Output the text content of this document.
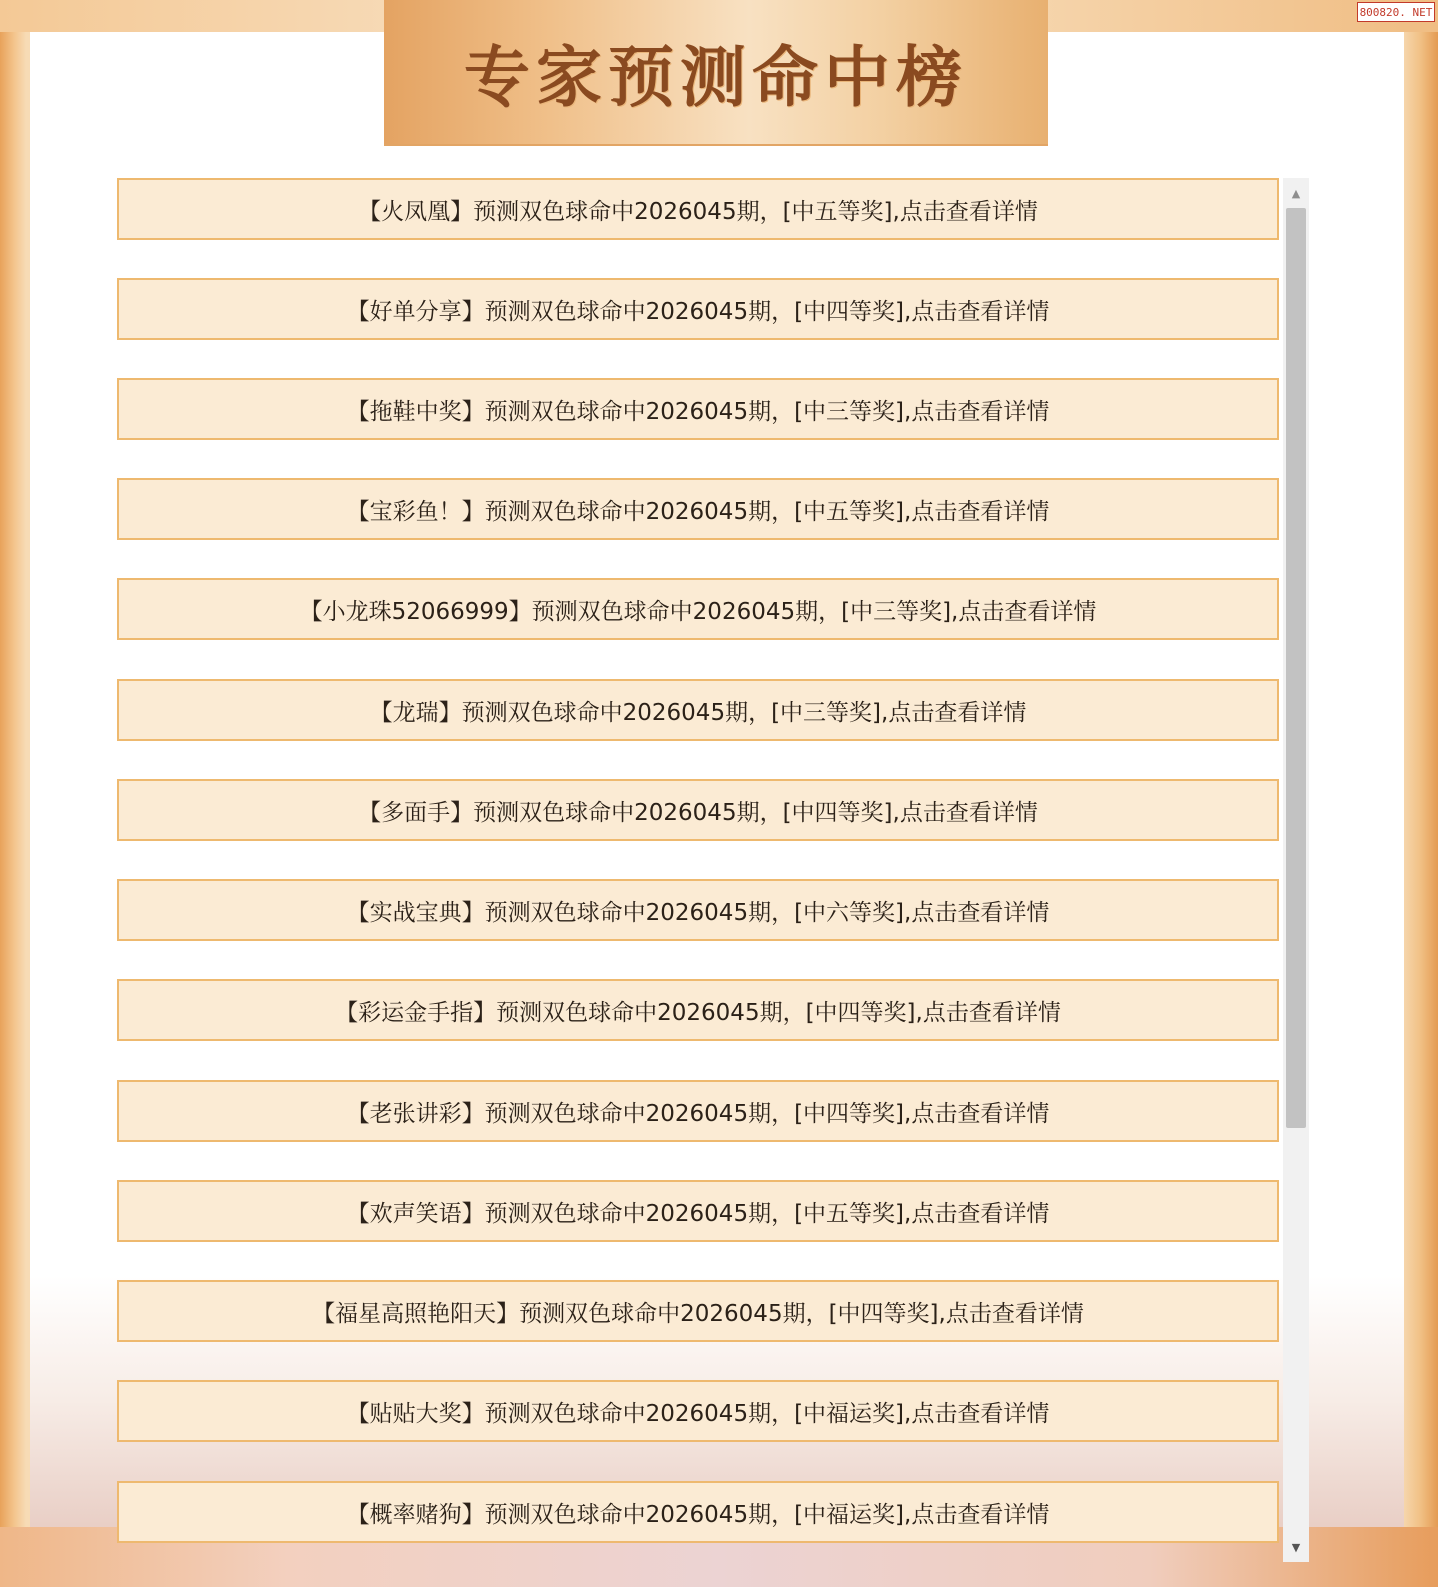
专家预测命中榜
800820. NET
【火凤凰】预测双色球命中2026045期，[中五等奖],点击查看详情
【好单分享】预测双色球命中2026045期，[中四等奖],点击查看详情
【拖鞋中奖】预测双色球命中2026045期，[中三等奖],点击查看详情
【宝彩鱼！】预测双色球命中2026045期，[中五等奖],点击查看详情
【小龙珠52066999】预测双色球命中2026045期，[中三等奖],点击查看详情
【龙瑞】预测双色球命中2026045期，[中三等奖],点击查看详情
【多面手】预测双色球命中2026045期，[中四等奖],点击查看详情
【实战宝典】预测双色球命中2026045期，[中六等奖],点击查看详情
【彩运金手指】预测双色球命中2026045期，[中四等奖],点击查看详情
【老张讲彩】预测双色球命中2026045期，[中四等奖],点击查看详情
【欢声笑语】预测双色球命中2026045期，[中五等奖],点击查看详情
【福星高照艳阳天】预测双色球命中2026045期，[中四等奖],点击查看详情
【贴贴大奖】预测双色球命中2026045期，[中福运奖],点击查看详情
【概率赌狗】预测双色球命中2026045期，[中福运奖],点击查看详情
▲
▼
